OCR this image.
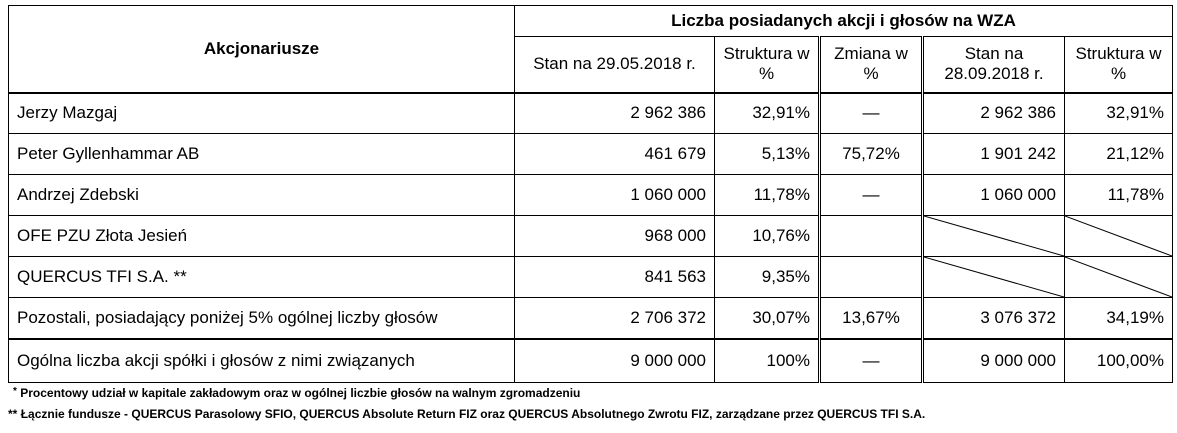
Akcjonariusze	Liczba posiadanych akcji i głosów na WZA				
	Stan na 29.05.2018 r.	Struktura w %	Zmiana w %	Stan na 28.09.2018 r.	Struktura w %
Jerzy Mazgaj	2 962 386	32,91%	—	2 962 386	32,91%
Peter Gyllenhammar AB	461 679	5,13%	75,72%	1 901 242	21,12%
Andrzej Zdebski	1 060 000	11,78%	—	1 060 000	11,78%
OFE PZU Złota Jesień	968 000	10,76%		

QUERCUS TFI S.A. **	841 563	9,35%		

Pozostali, posiadający poniżej 5% ogólnej liczby głosów	2 706 372	30,07%	13,67%	3 076 372	34,19%
Ogólna liczba akcji spółki i głosów z nimi związanych	9 000 000	100%	—	9 000 000	100,00%
* Procentowy udział w kapitale zakładowym oraz w ogólnej liczbie głosów na walnym zgromadzeniu
** Łącznie fundusze - QUERCUS Parasolowy SFIO, QUERCUS Absolute Return FIZ oraz QUERCUS Absolutnego Zwrotu FIZ, zarządzane przez QUERCUS TFI S.A.
